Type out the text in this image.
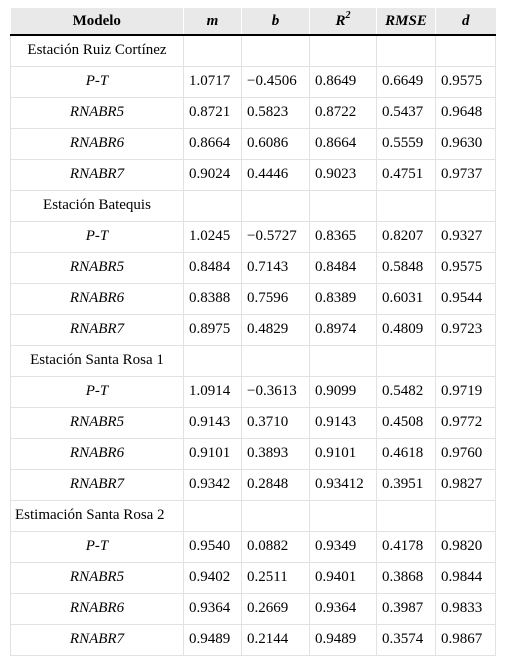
Modelo	m	b	$R^2$	RMSE	d
Estación Ruiz Cortínez					
P-T	1.0717	−0.4506	0.8649	0.6649	0.9575
RNABR5	0.8721	0.5823	0.8722	0.5437	0.9648
RNABR6	0.8664	0.6086	0.8664	0.5559	0.9630
RNABR7	0.9024	0.4446	0.9023	0.4751	0.9737
Estación Batequis					
P-T	1.0245	−0.5727	0.8365	0.8207	0.9327
RNABR5	0.8484	0.7143	0.8484	0.5848	0.9575
RNABR6	0.8388	0.7596	0.8389	0.6031	0.9544
RNABR7	0.8975	0.4829	0.8974	0.4809	0.9723
Estación Santa Rosa 1					
P-T	1.0914	−0.3613	0.9099	0.5482	0.9719
RNABR5	0.9143	0.3710	0.9143	0.4508	0.9772
RNABR6	0.9101	0.3893	0.9101	0.4618	0.9760
RNABR7	0.9342	0.2848	0.93412	0.3951	0.9827
Estimación Santa Rosa 2					
P-T	0.9540	0.0882	0.9349	0.4178	0.9820
RNABR5	0.9402	0.2511	0.9401	0.3868	0.9844
RNABR6	0.9364	0.2669	0.9364	0.3987	0.9833
RNABR7	0.9489	0.2144	0.9489	0.3574	0.9867
